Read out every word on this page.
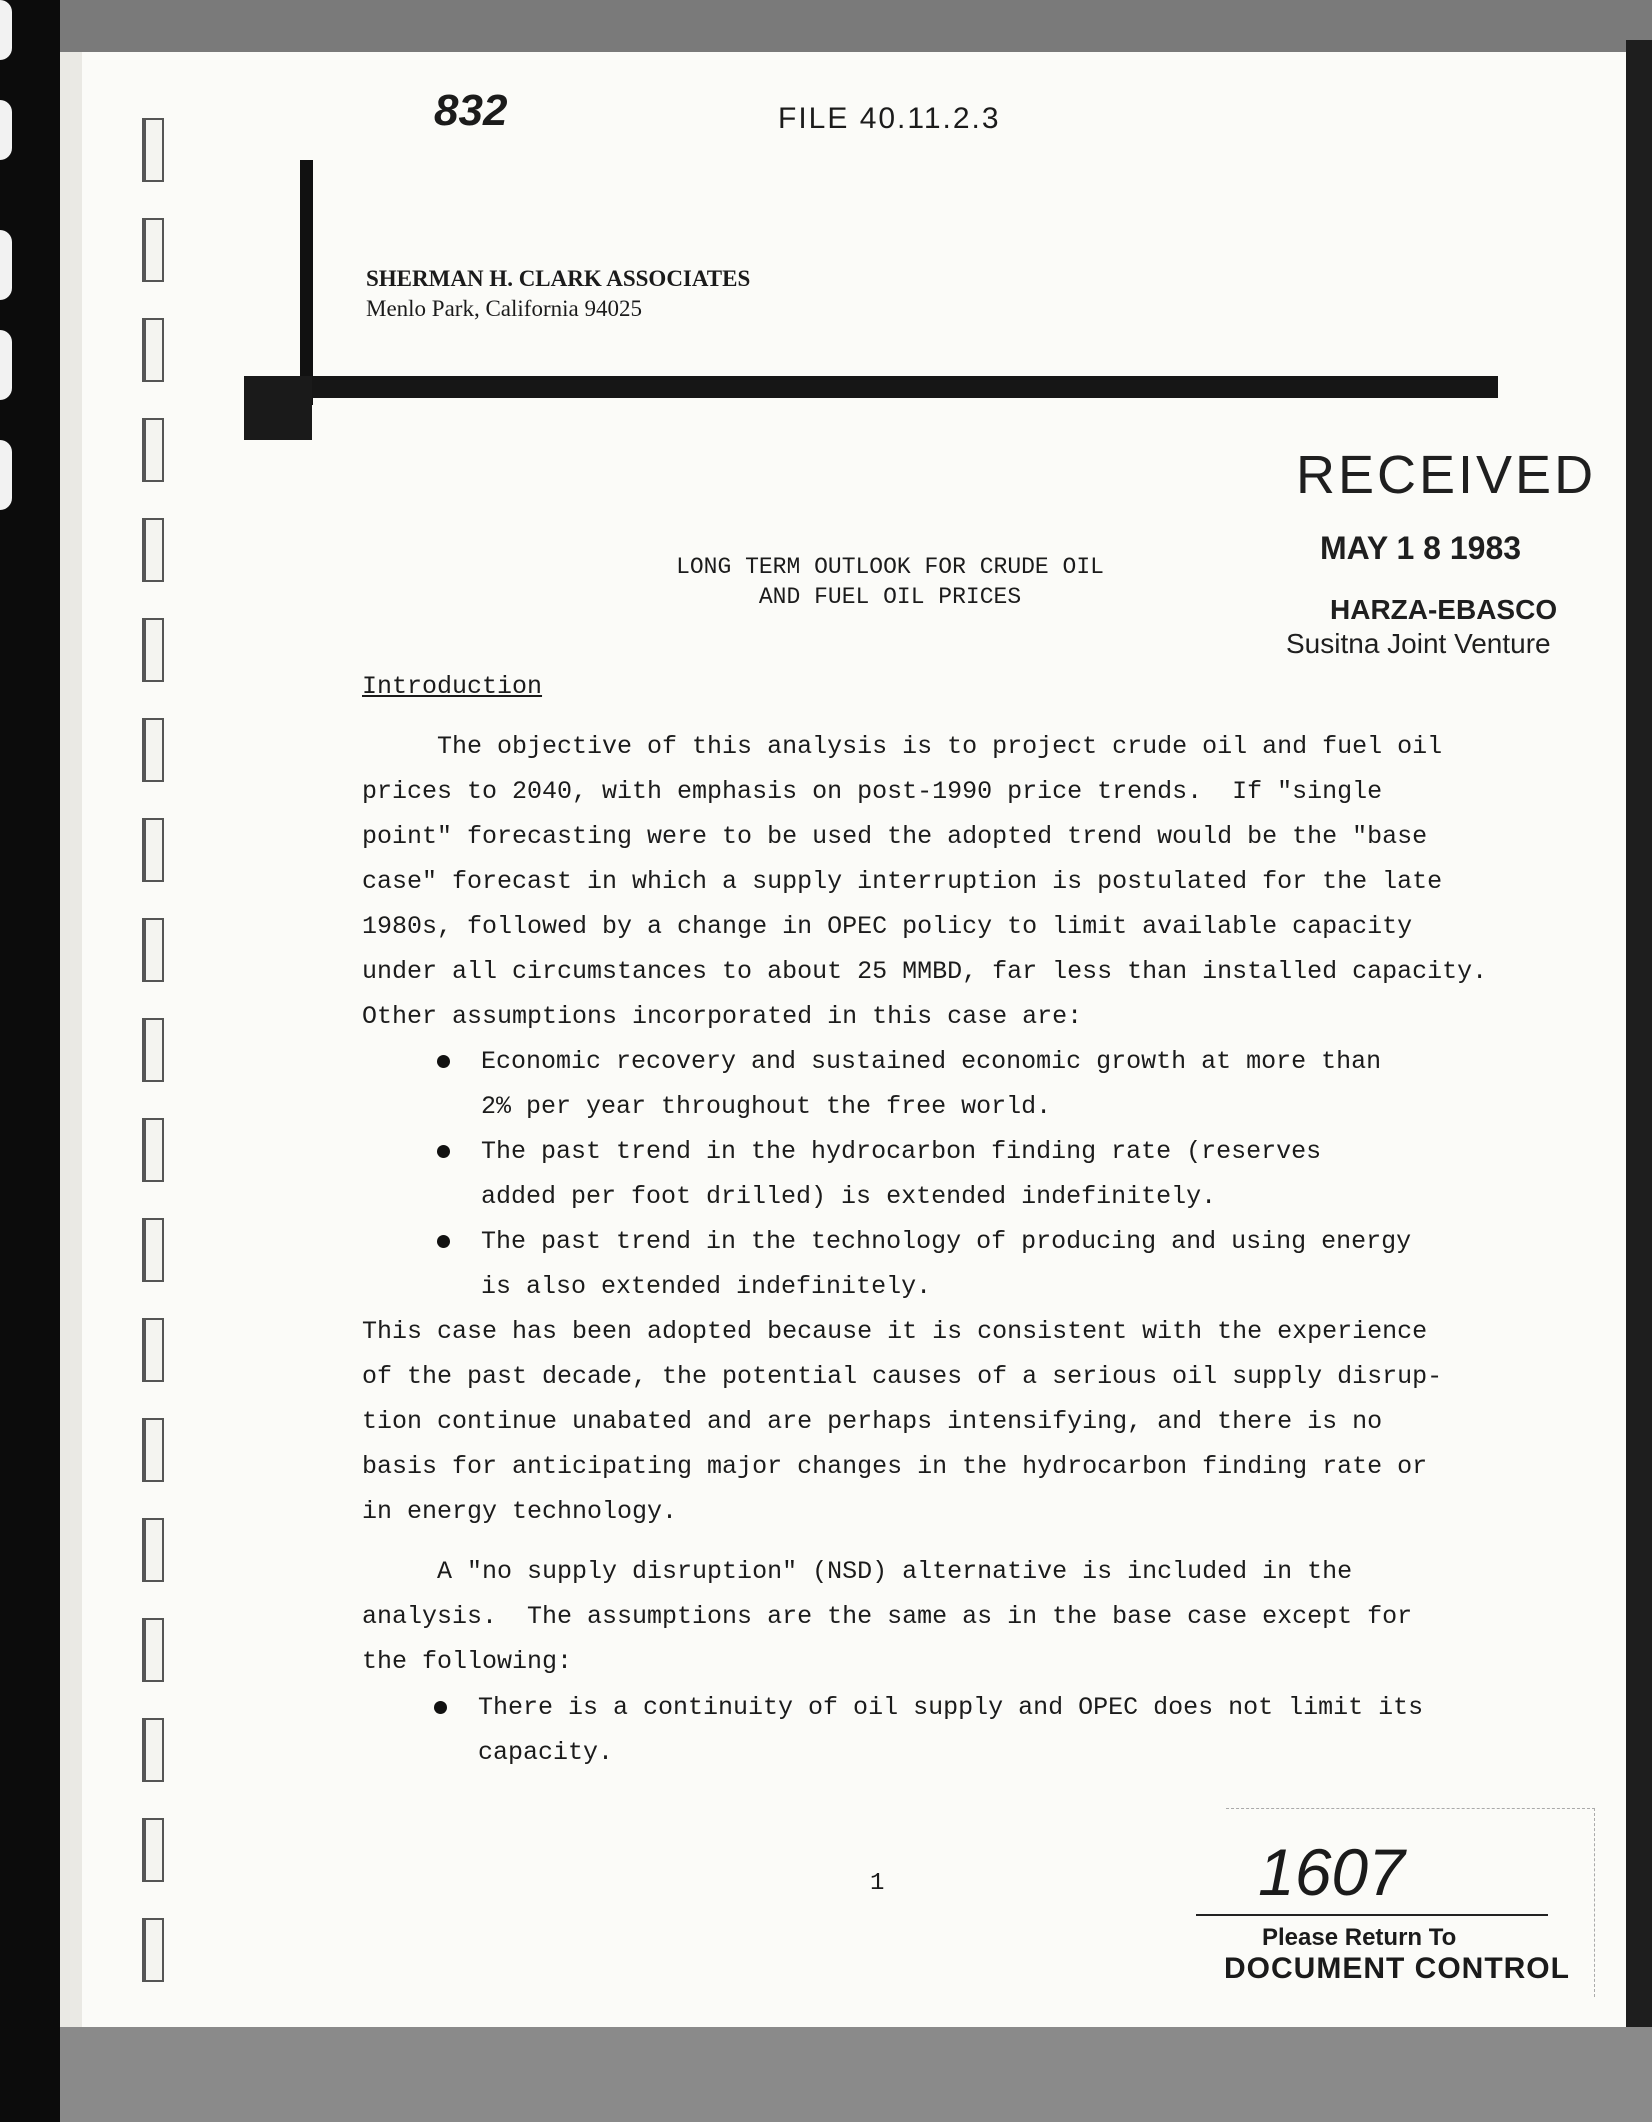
832	FILE 40.11.2.3
SHERMAN H. CLARK ASSOCIATES
Menlo Park, California 94025
RECEIVED
MAY 1 8 1983
HARZA-EBASCO
Susitna Joint Venture
LONG TERM OUTLOOK FOR CRUDE OIL
AND FUEL OIL PRICES
Introduction
The objective of this analysis is to project crude oil and fuel oil
prices to 2040, with emphasis on post-1990 price trends.  If "single
point" forecasting were to be used the adopted trend would be the "base
case" forecast in which a supply interruption is postulated for the late
1980s, followed by a change in OPEC policy to limit available capacity
under all circumstances to about 25 MMBD, far less than installed capacity.
Other assumptions incorporated in this case are:
Economic recovery and sustained economic growth at more than
2% per year throughout the free world.
The past trend in the hydrocarbon finding rate (reserves
added per foot drilled) is extended indefinitely.
The past trend in the technology of producing and using energy
is also extended indefinitely.
This case has been adopted because it is consistent with the experience
of the past decade, the potential causes of a serious oil supply disrup-
tion continue unabated and are perhaps intensifying, and there is no
basis for anticipating major changes in the hydrocarbon finding rate or
in energy technology.
A "no supply disruption" (NSD) alternative is included in the
analysis.  The assumptions are the same as in the base case except for
the following:
There is a continuity of oil supply and OPEC does not limit its
capacity.
1	1607
Please Return To
DOCUMENT CONTROL
